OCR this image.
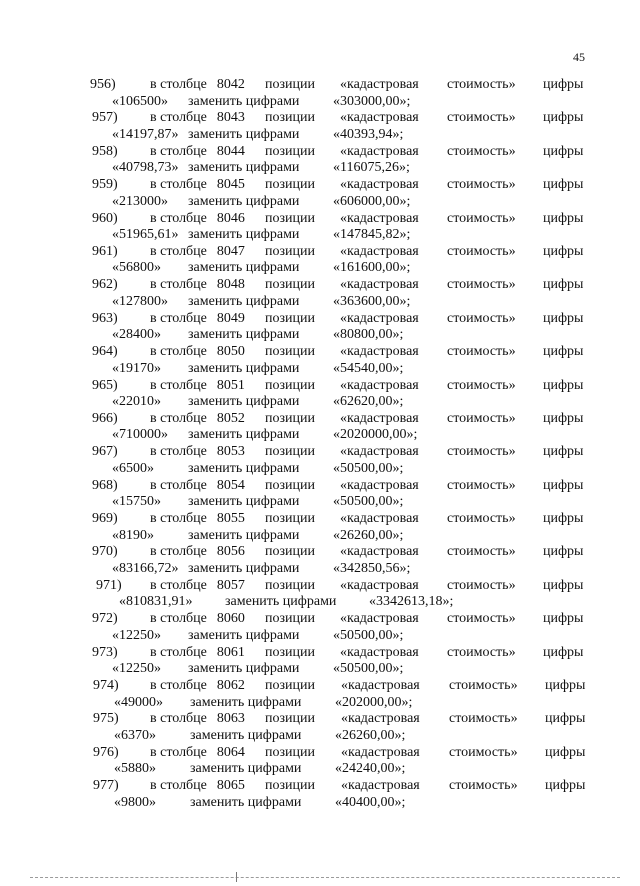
45
956) в столбце 8042 позиции «кадастровая стоимость» цифры
«106500» заменить цифрами «303000,00»;
957) в столбце 8043 позиции «кадастровая стоимость» цифры
«14197,87» заменить цифрами «40393,94»;
958) в столбце 8044 позиции «кадастровая стоимость» цифры
«40798,73» заменить цифрами «116075,26»;
959) в столбце 8045 позиции «кадастровая стоимость» цифры
«213000» заменить цифрами «606000,00»;
960) в столбце 8046 позиции «кадастровая стоимость» цифры
«51965,61» заменить цифрами «147845,82»;
961) в столбце 8047 позиции «кадастровая стоимость» цифры
«56800» заменить цифрами «161600,00»;
962) в столбце 8048 позиции «кадастровая стоимость» цифры
«127800» заменить цифрами «363600,00»;
963) в столбце 8049 позиции «кадастровая стоимость» цифры
«28400» заменить цифрами «80800,00»;
964) в столбце 8050 позиции «кадастровая стоимость» цифры
«19170» заменить цифрами «54540,00»;
965) в столбце 8051 позиции «кадастровая стоимость» цифры
«22010» заменить цифрами «62620,00»;
966) в столбце 8052 позиции «кадастровая стоимость» цифры
«710000» заменить цифрами «2020000,00»;
967) в столбце 8053 позиции «кадастровая стоимость» цифры
«6500» заменить цифрами «50500,00»;
968) в столбце 8054 позиции «кадастровая стоимость» цифры
«15750» заменить цифрами «50500,00»;
969) в столбце 8055 позиции «кадастровая стоимость» цифры
«8190» заменить цифрами «26260,00»;
970) в столбце 8056 позиции «кадастровая стоимость» цифры
«83166,72» заменить цифрами «342850,56»;
971) в столбце 8057 позиции «кадастровая стоимость» цифры
«810831,91» заменить цифрами «3342613,18»;
972) в столбце 8060 позиции «кадастровая стоимость» цифры
«12250» заменить цифрами «50500,00»;
973) в столбце 8061 позиции «кадастровая стоимость» цифры
«12250» заменить цифрами «50500,00»;
974) в столбце 8062 позиции «кадастровая стоимость» цифры
«49000» заменить цифрами «202000,00»;
975) в столбце 8063 позиции «кадастровая стоимость» цифры
«6370» заменить цифрами «26260,00»;
976) в столбце 8064 позиции «кадастровая стоимость» цифры
«5880» заменить цифрами «24240,00»;
977) в столбце 8065 позиции «кадастровая стоимость» цифры
«9800» заменить цифрами «40400,00»;
